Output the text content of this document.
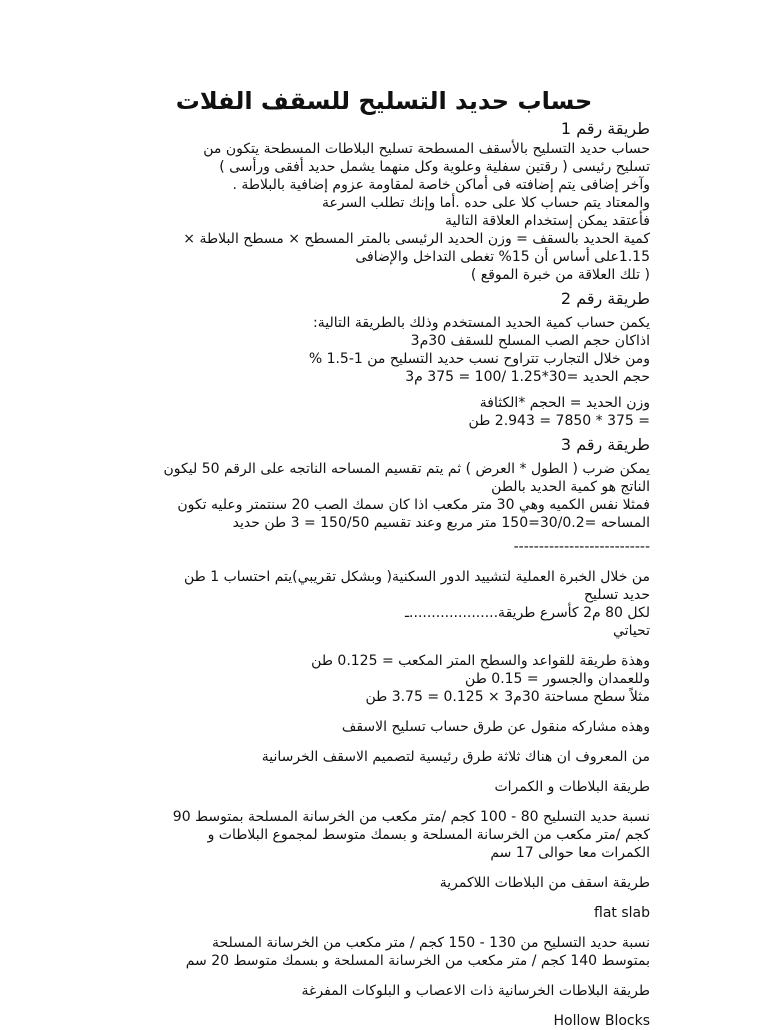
حساب حديد التسليح للسقف الفلات

طريقة رقم 1

حساب حديد التسليح بالأسقف المسطحة تسليح البلاطات المسطحة يتكون من

تسليح رئيسى ( رقتين سفلية وعلوية وكل منهما يشمل حديد أفقى ورأسى )

وآخر إضافى يتم إضافته فى أماكن خاصة لمقاومة عزوم إضافية بالبلاطة .

والمعتاد يتم حساب كلا على حده .أما وإنك تطلب السرعة

فأعتقد يمكن إستخدام العلاقة التالية

كمية الحديد بالسقف = وزن الحديد الرئيسى بالمتر المسطح × مسطح البلاطة ×

1.15على أساس أن 15% تغطى التداخل والإضافى

( تلك العلاقة من خبرة الموقع )

طريقة رقم 2

يكمن حساب كمية الحديد المستخدم وذلك بالطريقة التالية:

اذاكان حجم الصب المسلح للسقف 30م3

ومن خلال التجارب تتراوح نسب حديد التسليح من 1-1.5 %

حجم الحديد =30*1.25 /100 = 375 م3

وزن الحديد = الحجم *الكثافة

= 375 * 7850 = 2.943 طن

طريقة رقم 3

يمكن ضرب ( الطول * العرض ) ثم يتم تقسيم المساحه الناتجه على الرقم 50 ليكون

الناتج هو كمية الحديد بالطن

فمثلا نفس الكميه وهي 30 متر مكعب اذا كان سمك الصب 20 سنتمتر وعليه تكون

المساحه =30/0.2=150 متر مربع وعند تقسيم 150/50 = 3 طن حديد

---------------------------

من خلال الخبرة العملية لتشييد الدور السكنية( وبشكل تقريبي)يتم احتساب 1 طن

حديد تسليح

لكل 80 م2 كأسرع طريقة....................ـ

تحياتي

وهذة طريقة للقواعد والسطح المتر المكعب = 0.125 طن

وللعمدان والجسور = 0.15 طن

مثلاً سطح مساحتة 30م3 × 0.125 = 3.75 طن

وهذه مشاركه منقول عن طرق حساب تسليح الاسقف

من المعروف ان هناك ثلاثة طرق رئيسية لتصميم الاسقف الخرسانية

طريقة البلاطات و الكمرات

نسبة حديد التسليح 80 - 100 كجم /متر مكعب من الخرسانة المسلحة بمتوسط 90

كجم /متر مكعب من الخرسانة المسلحة و بسمك متوسط لمجموع البلاطات و

الكمرات معا حوالى 17 سم

طريقة اسقف من البلاطات اللاكمرية

flat slab

نسبة حديد التسليح من 130 - 150 كجم / متر مكعب من الخرسانة المسلحة

بمتوسط 140 كجم / متر مكعب من الخرسانة المسلحة و بسمك متوسط 20 سم

طريقة البلاطات الخرسانية ذات الاعصاب و البلوكات المفرغة

Hollow Blocks
